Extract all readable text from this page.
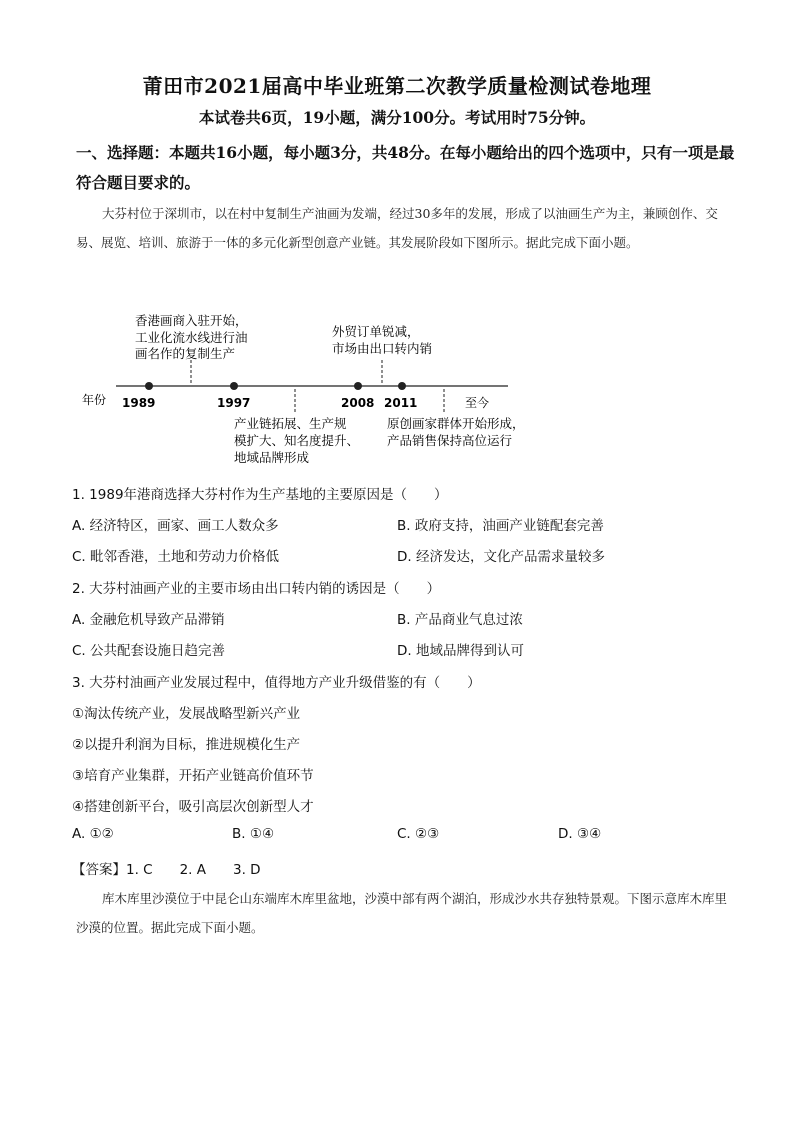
莆田市2021届高中毕业班第二次教学质量检测试卷地理
本试卷共6页，19小题，满分100分。考试用时75分钟。
一、选择题：本题共16小题，每小题3分，共48分。在每小题给出的四个选项中，只有一项是最符合题目要求的。
大芬村位于深圳市，以在村中复制生产油画为发端，经过30多年的发展，形成了以油画生产为主，兼顾创作、交易、展览、培训、旅游于一体的多元化新型创意产业链。其发展阶段如下图所示。据此完成下面小题。
年份 1989	1997	2008 2011	至今
香港画商入驻开始，
工业化流水线进行油
画名作的复制生产
外贸订单锐减，
市场由出口转内销
产业链拓展、生产规
模扩大、知名度提升、
地域品牌形成
原创画家群体开始形成，
产品销售保持高位运行
1. 1989年港商选择大芬村作为生产基地的主要原因是（　　）
A. 经济特区，画家、画工人数众多	B. 政府支持，油画产业链配套完善
C. 毗邻香港，土地和劳动力价格低	D. 经济发达，文化产品需求量较多
2. 大芬村油画产业的主要市场由出口转内销的诱因是（　　）
A. 金融危机导致产品滞销	B. 产品商业气息过浓
C. 公共配套设施日趋完善	D. 地域品牌得到认可
3. 大芬村油画产业发展过程中，值得地方产业升级借鉴的有（　　）
①淘汰传统产业，发展战略型新兴产业
②以提升利润为目标，推进规模化生产
③培育产业集群，开拓产业链高价值环节
④搭建创新平台，吸引高层次创新型人才
A. ①②	B. ①④	C. ②③	D. ③④
【答案】1. C　　2. A　　3. D
库木库里沙漠位于中昆仑山东端库木库里盆地，沙漠中部有两个湖泊，形成沙水共存独特景观。下图示意库木库里沙漠的位置。据此完成下面小题。
